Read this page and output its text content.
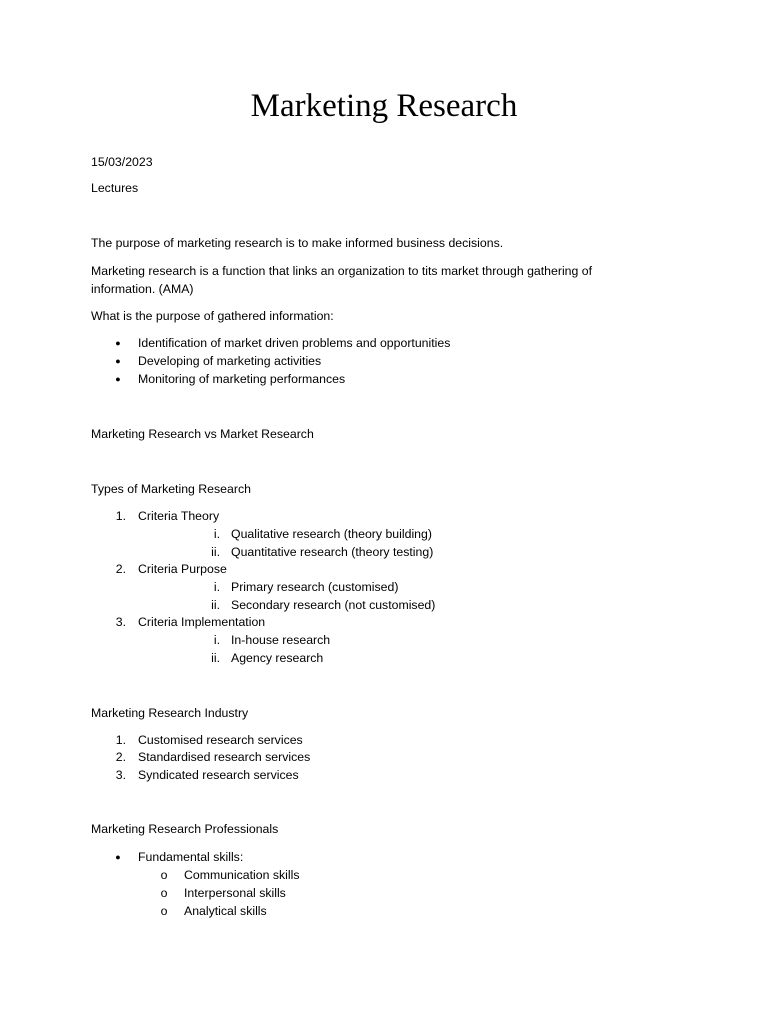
Marketing Research
15/03/2023
Lectures
The purpose of marketing research is to make informed business decisions.
Marketing research is a function that links an organization to tits market through gathering of information. (AMA)
What is the purpose of gathered information:
● Identification of market driven problems and opportunities
● Developing of marketing activities
● Monitoring of marketing performances
Marketing Research vs Market Research
Types of Marketing Research
1. Criteria Theory
i. Qualitative research (theory building)
ii. Quantitative research (theory testing)
2. Criteria Purpose
i. Primary research (customised)
ii. Secondary research (not customised)
3. Criteria Implementation
i. In-house research
ii. Agency research
Marketing Research Industry
1. Customised research services
2. Standardised research services
3. Syndicated research services
Marketing Research Professionals
● Fundamental skills:
o Communication skills
o Interpersonal skills
o Analytical skills
